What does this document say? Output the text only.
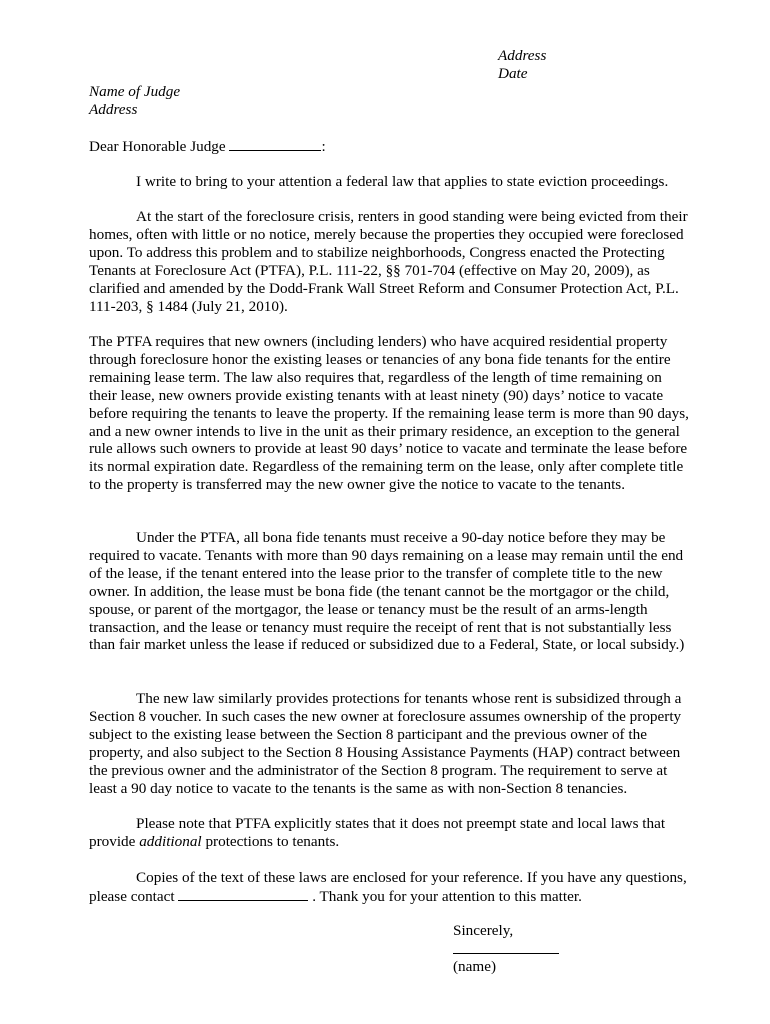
Address

Date

Name of Judge

Address

Dear Honorable Judge	:

I write to bring to your attention a federal law that applies to state eviction proceedings.

At the start of the foreclosure crisis, renters in good standing were being evicted from their homes, often with little or no notice, merely because the properties they occupied were foreclosed upon. To address this problem and to stabilize neighborhoods, Congress enacted the Protecting Tenants at Foreclosure Act (PTFA), P.L. 111-22, §§ 701-704 (effective on May 20, 2009), as clarified and amended by the Dodd-Frank Wall Street Reform and Consumer Protection Act, P.L. 111-203, § 1484 (July 21, 2010).

The PTFA requires that new owners (including lenders) who have acquired residential property through foreclosure honor the existing leases or tenancies of any bona fide tenants for the entire remaining lease term. The law also requires that, regardless of the length of time remaining on their lease, new owners provide existing tenants with at least ninety (90) days’ notice to vacate before requiring the tenants to leave the property. If the remaining lease term is more than 90 days, and a new owner intends to live in the unit as their primary residence, an exception to the general rule allows such owners to provide at least 90 days’ notice to vacate and terminate the lease before its normal expiration date. Regardless of the remaining term on the lease, only after complete title to the property is transferred may the new owner give the notice to vacate to the tenants.

Under the PTFA, all bona fide tenants must receive a 90-day notice before they may be required to vacate. Tenants with more than 90 days remaining on a lease may remain until the end of the lease, if the tenant entered into the lease prior to the transfer of complete title to the new owner. In addition, the lease must be bona fide (the tenant cannot be the mortgagor or the child, spouse, or parent of the mortgagor, the lease or tenancy must be the result of an arms-length transaction, and the lease or tenancy must require the receipt of rent that is not substantially less than fair market unless the lease if reduced or subsidized due to a Federal, State, or local subsidy.)

The new law similarly provides protections for tenants whose rent is subsidized through a Section 8 voucher. In such cases the new owner at foreclosure assumes ownership of the property subject to the existing lease between the Section 8 participant and the previous owner of the property, and also subject to the Section 8 Housing Assistance Payments (HAP) contract between the previous owner and the administrator of the Section 8 program. The requirement to serve at least a 90 day notice to vacate to the tenants is the same as with non-Section 8 tenancies.

Please note that PTFA explicitly states that it does not preempt state and local laws that provide additional protections to tenants.

Copies of the text of these laws are enclosed for your reference. If you have any questions, please contact	. Thank you for your attention to this matter.

Sincerely,

(name)
